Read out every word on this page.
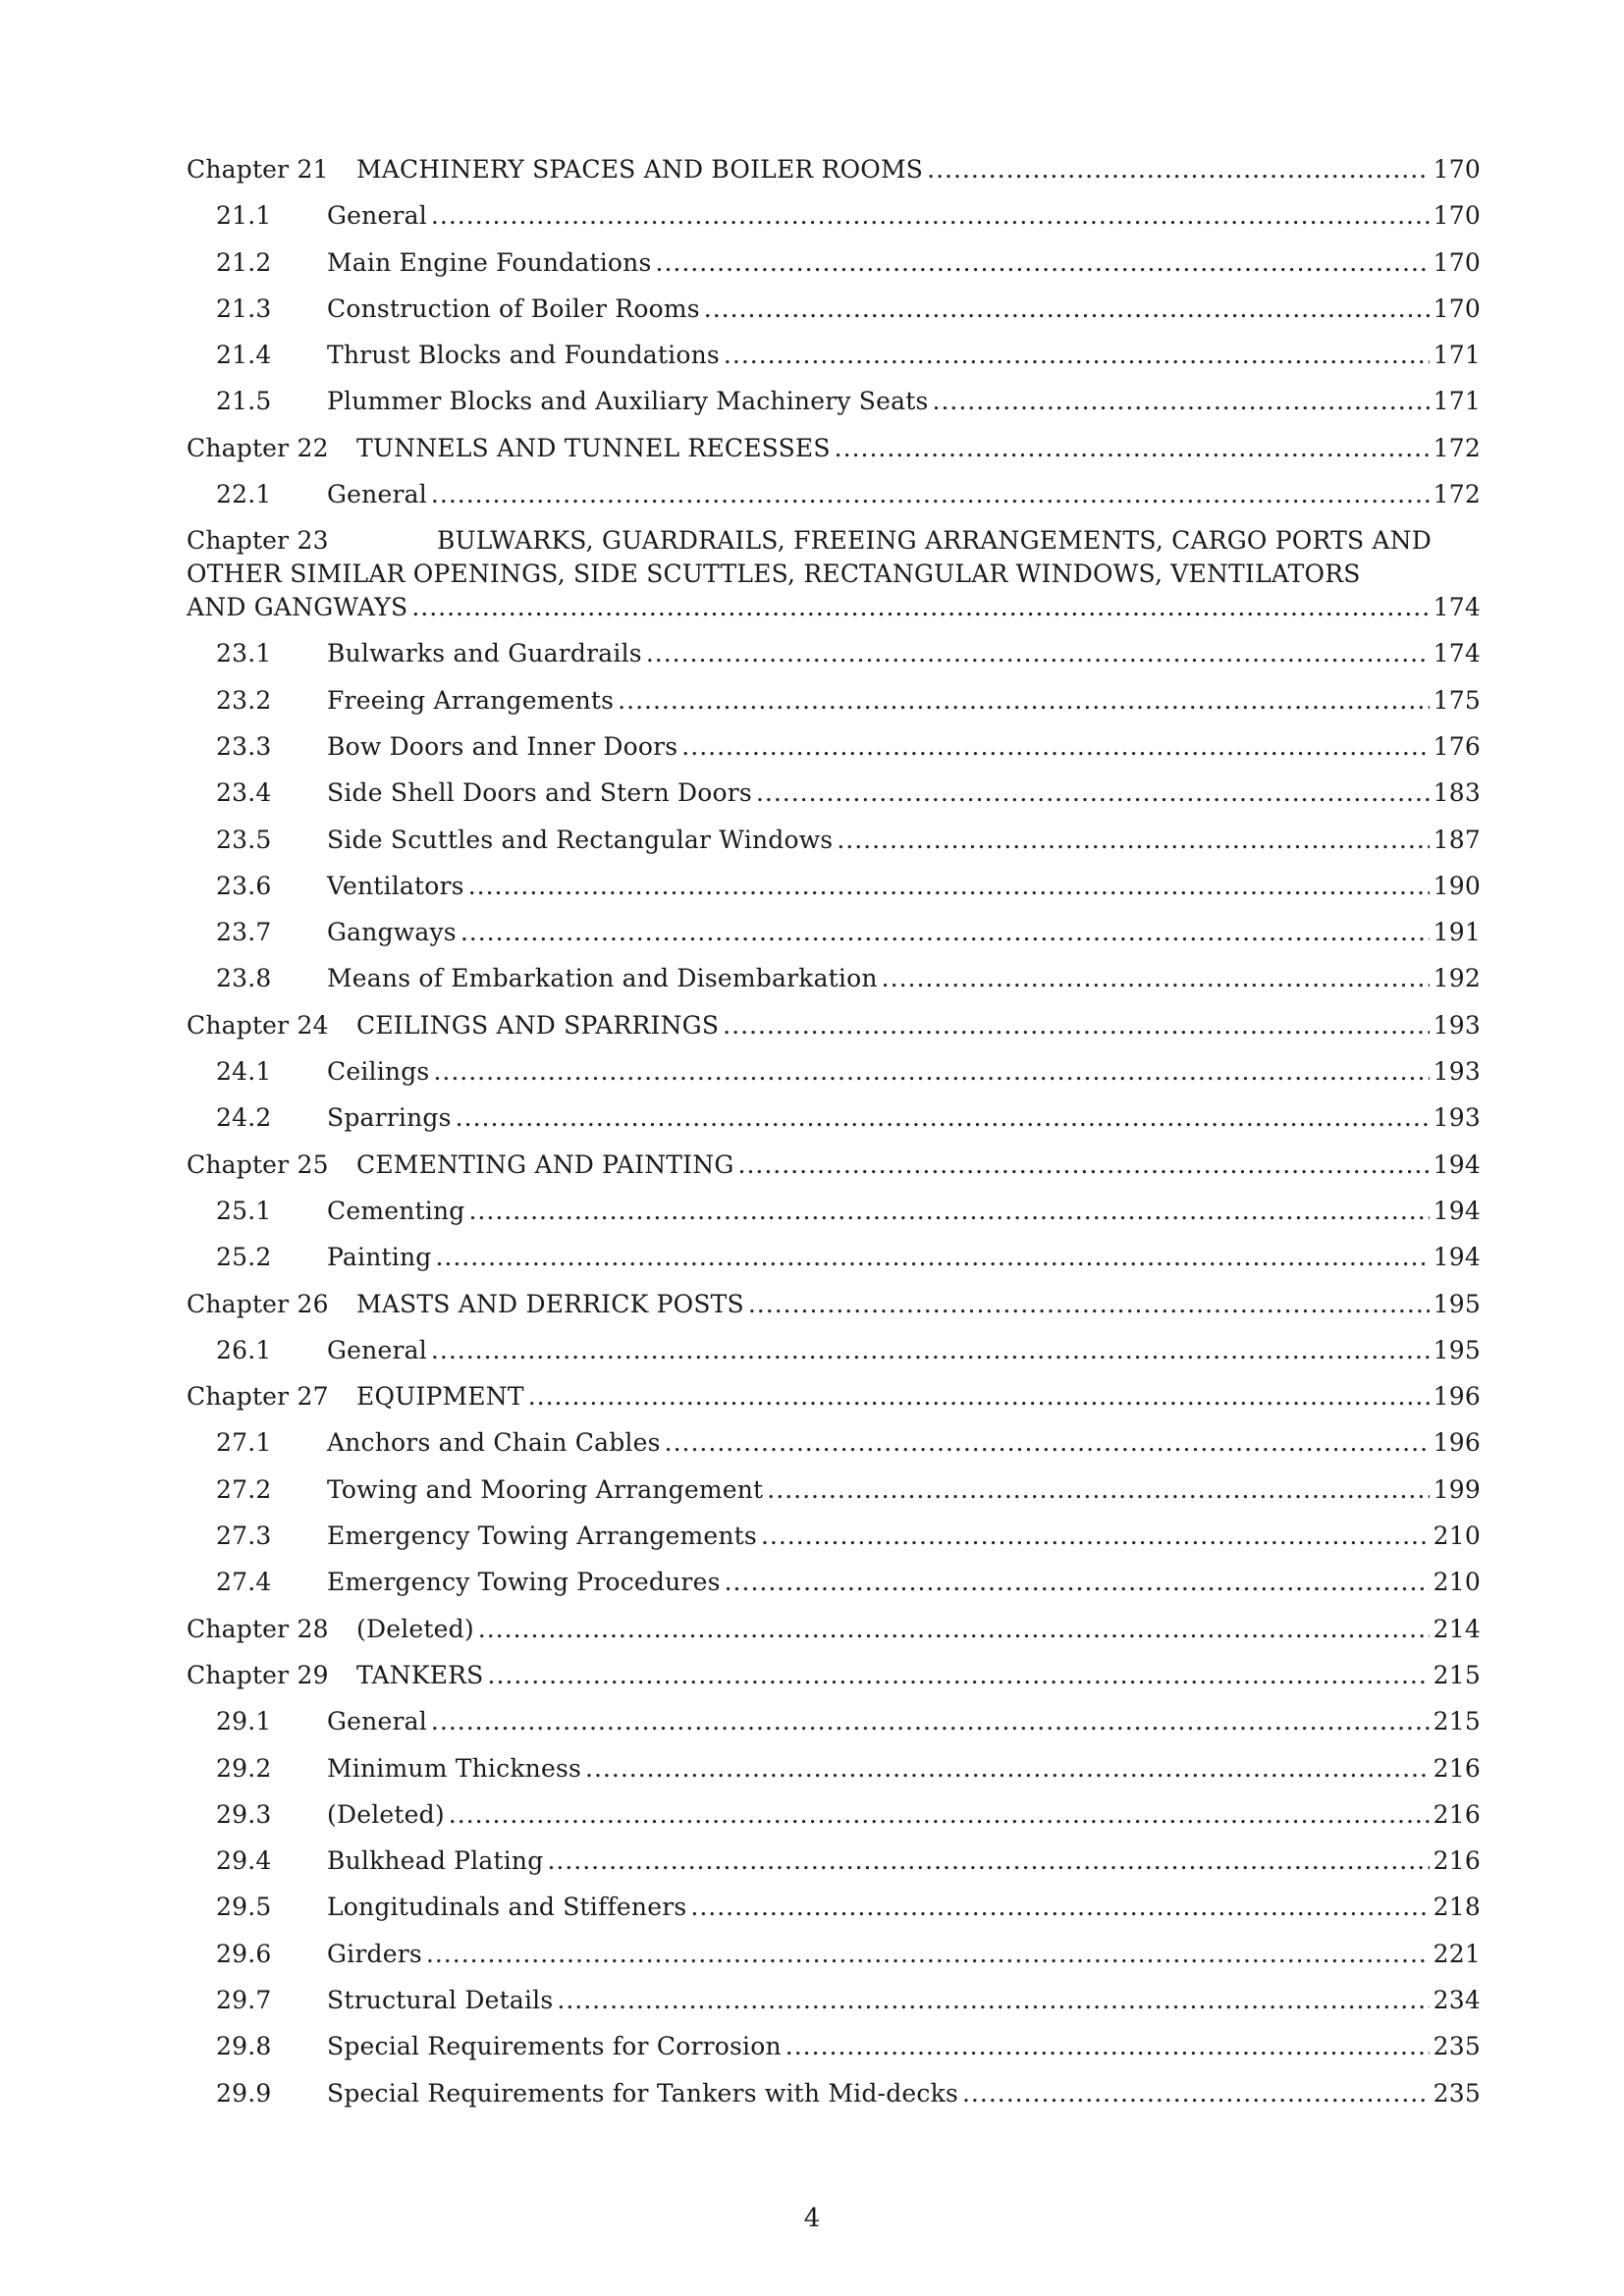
Chapter 21	MACHINERY SPACES AND BOILER ROOMS .....	170
21.1	General .....	170
21.2	Main Engine Foundations .....	170
21.3	Construction of Boiler Rooms .....	170
21.4	Thrust Blocks and Foundations .....	171
21.5	Plummer Blocks and Auxiliary Machinery Seats .....	171
Chapter 22	TUNNELS AND TUNNEL RECESSES .....	172
22.1	General .....	172
Chapter 23	BULWARKS, GUARDRAILS, FREEING ARRANGEMENTS, CARGO PORTS AND
OTHER SIMILAR OPENINGS, SIDE SCUTTLES, RECTANGULAR WINDOWS, VENTILATORS
AND GANGWAYS .....	174
23.1	Bulwarks and Guardrails .....	174
23.2	Freeing Arrangements .....	175
23.3	Bow Doors and Inner Doors .....	176
23.4	Side Shell Doors and Stern Doors .....	183
23.5	Side Scuttles and Rectangular Windows .....	187
23.6	Ventilators .....	190
23.7	Gangways .....	191
23.8	Means of Embarkation and Disembarkation .....	192
Chapter 24	CEILINGS AND SPARRINGS .....	193
24.1	Ceilings .....	193
24.2	Sparrings .....	193
Chapter 25	CEMENTING AND PAINTING .....	194
25.1	Cementing .....	194
25.2	Painting .....	194
Chapter 26	MASTS AND DERRICK POSTS .....	195
26.1	General .....	195
Chapter 27	EQUIPMENT .....	196
27.1	Anchors and Chain Cables .....	196
27.2	Towing and Mooring Arrangement .....	199
27.3	Emergency Towing Arrangements .....	210
27.4	Emergency Towing Procedures .....	210
Chapter 28	(Deleted) .....	214
Chapter 29	TANKERS .....	215
29.1	General .....	215
29.2	Minimum Thickness .....	216
29.3	(Deleted) .....	216
29.4	Bulkhead Plating .....	216
29.5	Longitudinals and Stiffeners .....	218
29.6	Girders .....	221
29.7	Structural Details .....	234
29.8	Special Requirements for Corrosion .....	235
29.9	Special Requirements for Tankers with Mid-decks .....	235
4
